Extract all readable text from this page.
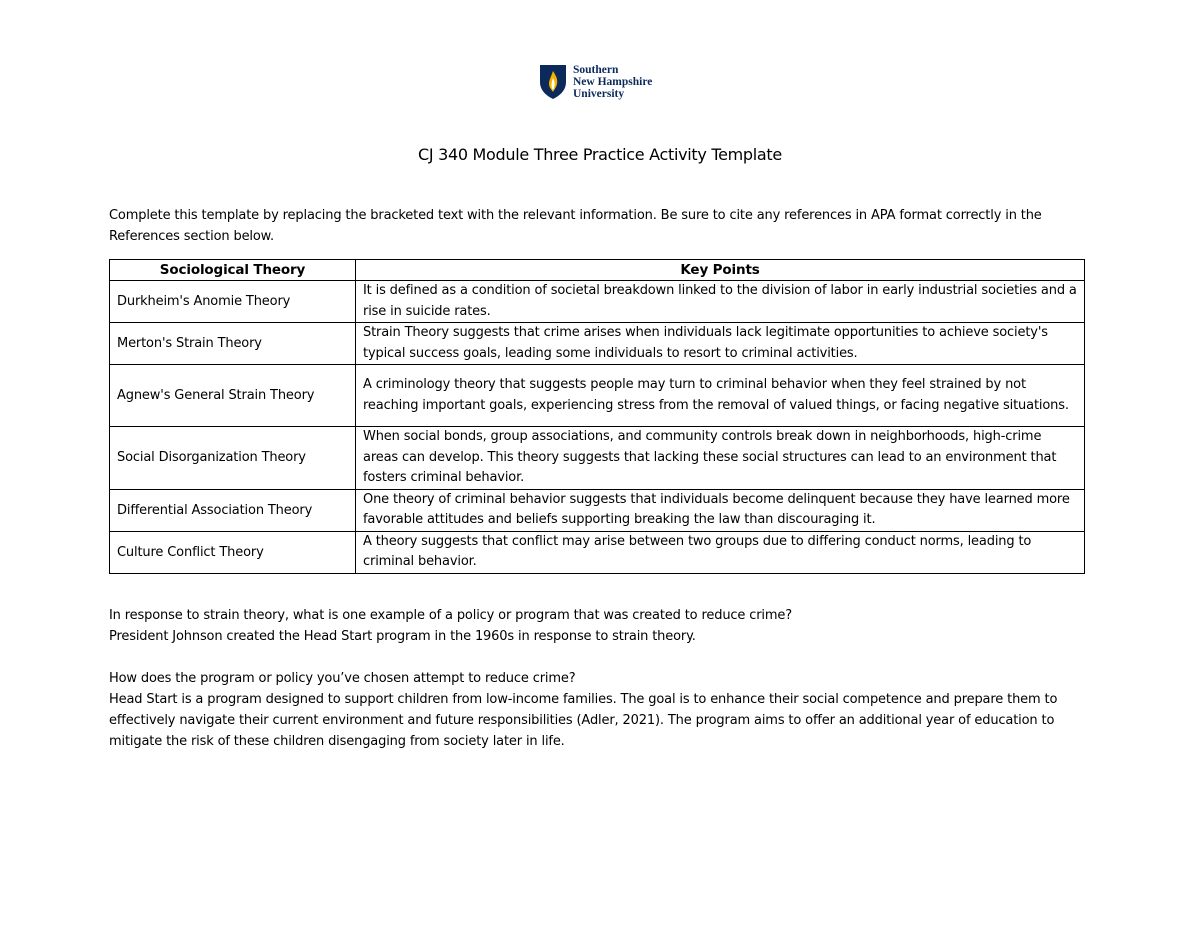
Southern
New Hampshire
University
CJ 340 Module Three Practice Activity Template
Complete this template by replacing the bracketed text with the relevant information. Be sure to cite any references in APA format correctly in the References section below.
Sociological Theory	Key Points
Durkheim's Anomie Theory	It is defined as a condition of societal breakdown linked to the division of labor in early industrial societies and a rise in suicide rates.
Merton's Strain Theory	Strain Theory suggests that crime arises when individuals lack legitimate opportunities to achieve society's typical success goals, leading some individuals to resort to criminal activities.
Agnew's General Strain Theory	A criminology theory that suggests people may turn to criminal behavior when they feel strained by not reaching important goals, experiencing stress from the removal of valued things, or facing negative situations.
Social Disorganization Theory	When social bonds, group associations, and community controls break down in neighborhoods, high-crime areas can develop. This theory suggests that lacking these social structures can lead to an environment that fosters criminal behavior.
Differential Association Theory	One theory of criminal behavior suggests that individuals become delinquent because they have learned more favorable attitudes and beliefs supporting breaking the law than discouraging it.
Culture Conflict Theory	A theory suggests that conflict may arise between two groups due to differing conduct norms, leading to criminal behavior.

In response to strain theory, what is one example of a policy or program that was created to reduce crime?

President Johnson created the Head Start program in the 1960s in response to strain theory.

How does the program or policy you’ve chosen attempt to reduce crime?

Head Start is a program designed to support children from low-income families. The goal is to enhance their social competence and prepare them to effectively navigate their current environment and future responsibilities (Adler, 2021). The program aims to offer an additional year of education to mitigate the risk of these children disengaging from society later in life.
